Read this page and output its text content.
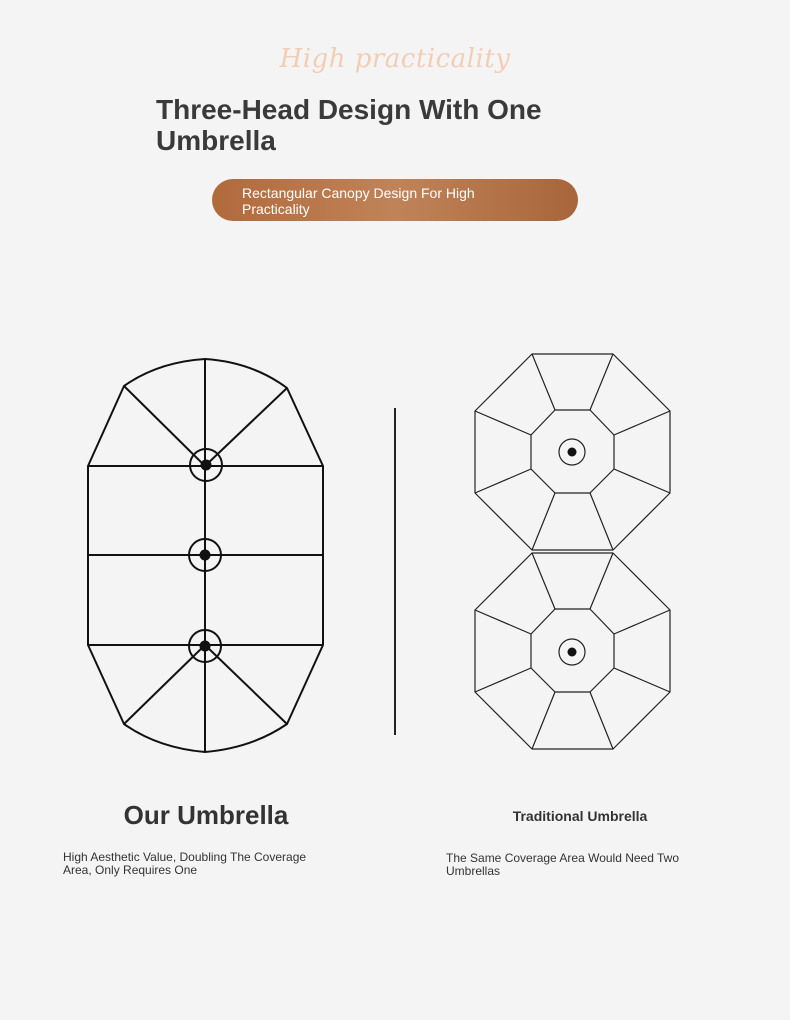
High practicality
Three-Head Design With One Umbrella
Rectangular Canopy Design For High Practicality
Our Umbrella	Traditional Umbrella
High Aesthetic Value, Doubling The Coverage Area, Only Requires One
The Same Coverage Area Would Need Two Umbrellas
